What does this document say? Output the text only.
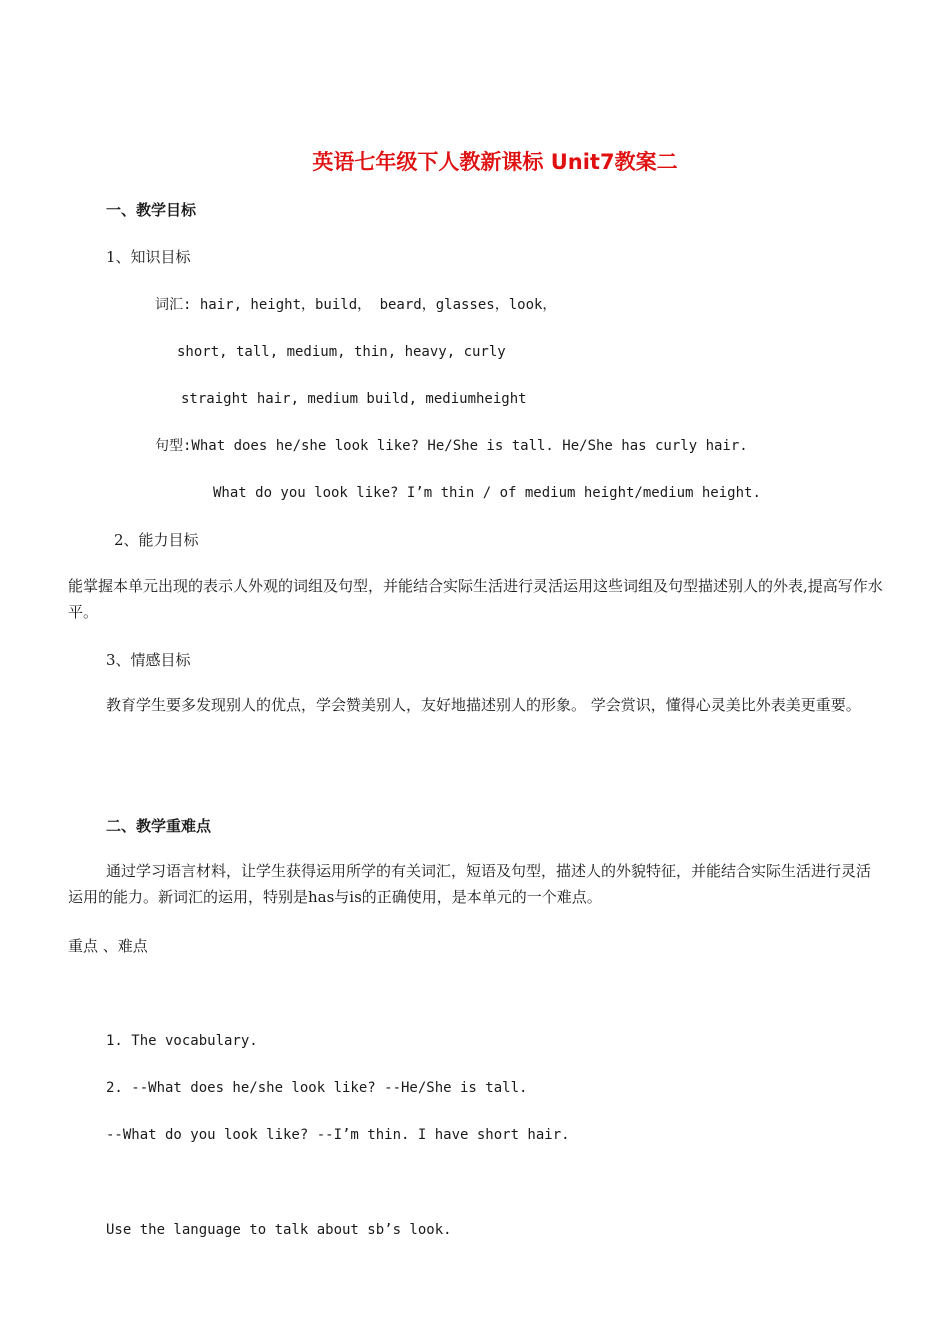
英语七年级下人教新课标 Unit7教案二
一、教学目标
1、知识目标
词汇: hair, height，build， beard，glasses，look，
short, tall, medium, thin, heavy, curly
straight hair, medium build, mediumheight
句型:What does he/she look like? He/She is tall. He/She has curly hair.
What do you look like? I’m thin / of medium height/medium height.
2、能力目标
能掌握本单元出现的表示人外观的词组及句型，并能结合实际生活进行灵活运用这些词组及句型描述别人的外表,提高写作水平。
3、情感目标
教育学生要多发现别人的优点，学会赞美别人，友好地描述别人的形象。 学会赏识，懂得心灵美比外表美更重要。
二、教学重难点
通过学习语言材料，让学生获得运用所学的有关词汇，短语及句型，描述人的外貌特征，并能结合实际生活进行灵活运用的能力。新词汇的运用，特别是has与is的正确使用，是本单元的一个难点。
重点 、难点
1. The vocabulary.
2. --What does he/she look like? --He/She is tall.
--What do you look like? --I’m thin. I have short hair.
Use the language to talk about sb’s look.
